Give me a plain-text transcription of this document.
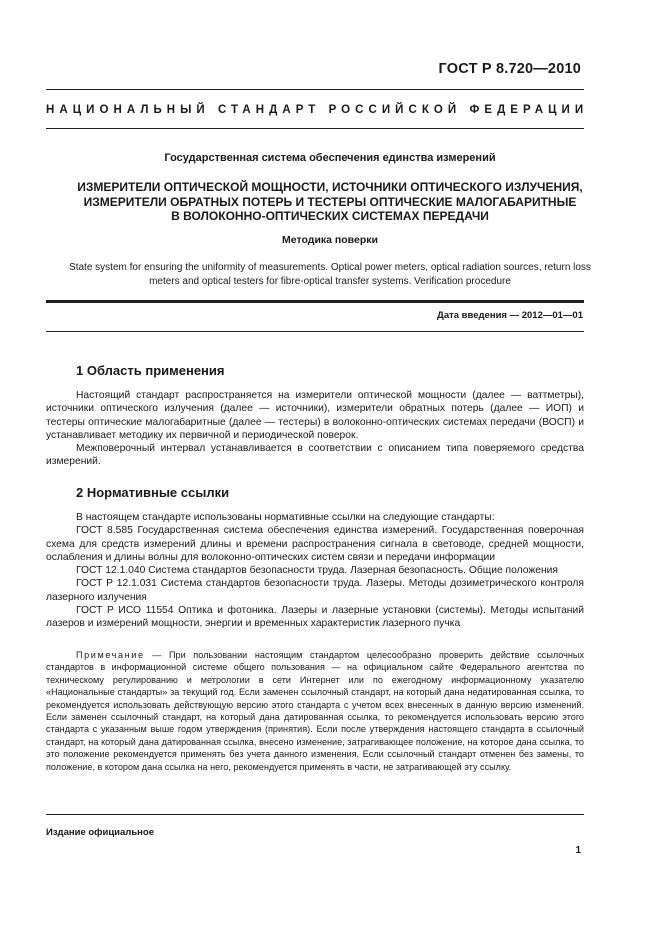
ГОСТ Р 8.720—2010
НАЦИОНАЛЬНЫЙ СТАНДАРТ РОССИЙСКОЙ ФЕДЕРАЦИИ
Государственная система обеспечения единства измерений
ИЗМЕРИТЕЛИ ОПТИЧЕСКОЙ МОЩНОСТИ, ИСТОЧНИКИ ОПТИЧЕСКОГО ИЗЛУЧЕНИЯ,
ИЗМЕРИТЕЛИ ОБРАТНЫХ ПОТЕРЬ И ТЕСТЕРЫ ОПТИЧЕСКИЕ МАЛОГАБАРИТНЫЕ
В ВОЛОКОННО-ОПТИЧЕСКИХ СИСТЕМАХ ПЕРЕДАЧИ
Методика поверки
State system for ensuring the uniformity of measurements. Optical power meters, optical radiation sources, return loss
meters and optical testers for fibre-optical transfer systems. Verification procedure
Дата введения — 2012—01—01
1 Область применения

Настоящий стандарт распространяется на измерители оптической мощности (далее — ваттметры), источники оптического излучения (далее — источники), измерители обратных потерь (далее — ИОП) и тестеры оптические малогабаритные (далее — тестеры) в волоконно-оптических системах передачи (ВОСП) и устанавливает методику их первичной и периодической поверок.

Межповерочный интервал устанавливается в соответствии с описанием типа поверяемого средства измерений.

2 Нормативные ссылки

В настоящем стандарте использованы нормативные ссылки на следующие стандарты:

ГОСТ 8.585 Государственная система обеспечения единства измерений. Государственная поверочная схема для средств измерений длины и времени распространения сигнала в световоде, средней мощности, ослабления и длины волны для волоконно-оптических систем связи и передачи информации

ГОСТ 12.1.040 Система стандартов безопасности труда. Лазерная безопасность. Общие положения

ГОСТ Р 12.1.031 Система стандартов безопасности труда. Лазеры. Методы дозиметрического контроля лазерного излучения

ГОСТ Р ИСО 11554 Оптика и фотоника. Лазеры и лазерные установки (системы). Методы испытаний лазеров и измерений мощности, энергии и временных характеристик лазерного пучка

Примечание — При пользовании настоящим стандартом целесообразно проверить действие ссылочных стандартов в информационной системе общего пользования — на официальном сайте Федерального агентства по техническому регулированию и метрологии в сети Интернет или по ежегодному информационному указателю «Национальные стандарты» за текущий год. Если заменен ссылочный стандарт, на который дана недатированная ссылка, то рекомендуется использовать действующую версию этого стандарта с учетом всех внесенных в данную версию изменений. Если заменен ссылочный стандарт, на который дана датированная ссылка, то рекомендуется использовать версию этого стандарта с указанным выше годом утверждения (принятия). Если после утверждения настоящего стандарта в ссылочный стандарт, на который дана датированная ссылка, внесено изменение, затрагивающее положение, на которое дана ссылка, то это положение рекомендуется применять без учета данного изменения. Если ссылочный стандарт отменен без замены, то положение, в котором дана ссылка на него, рекомендуется применять в части, не затрагивающей эту ссылку.

Издание официальное
1
